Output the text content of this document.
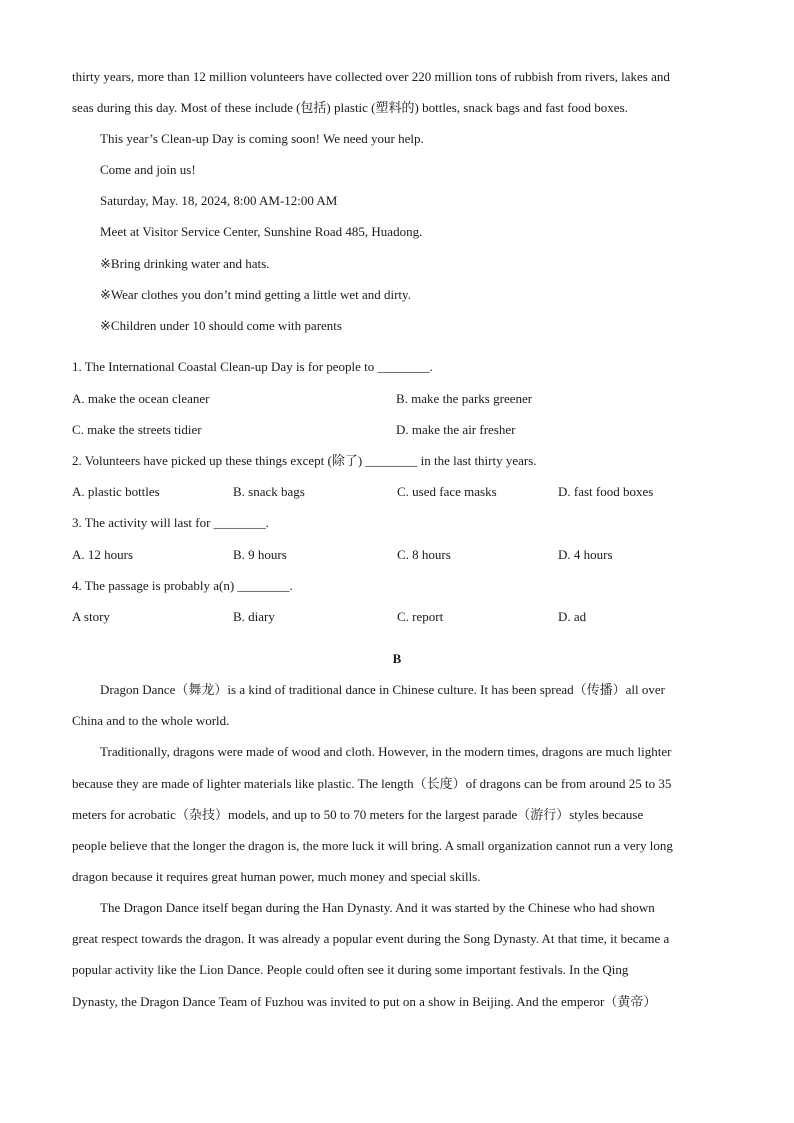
thirty years, more than 12 million volunteers have collected over 220 million tons of rubbish from rivers, lakes and
seas during this day. Most of these include (包括) plastic (塑料的) bottles, snack bags and fast food boxes.
This year’s Clean-up Day is coming soon! We need your help.
Come and join us!
Saturday, May. 18, 2024, 8:00 AM-12:00 AM
Meet at Visitor Service Center, Sunshine Road 485, Huadong.
※Bring drinking water and hats.
※Wear clothes you don’t mind getting a little wet and dirty.
※Children under 10 should come with parents
1. The International Coastal Clean-up Day is for people to ________.
A. make the ocean cleaner	B. make the parks greener
C. make the streets tidier	D. make the air fresher
2. Volunteers have picked up these things except (除了) ________ in the last thirty years.
A. plastic bottles	B. snack bags	C. used face masks	D. fast food boxes
3. The activity will last for ________.
A. 12 hours	B. 9 hours	C. 8 hours	D. 4 hours
4. The passage is probably a(n) ________.
A story	B. diary	C. report	D. ad
B
Dragon Dance（舞龙）is a kind of traditional dance in Chinese culture. It has been spread（传播）all over
China and to the whole world.
Traditionally, dragons were made of wood and cloth. However, in the modern times, dragons are much lighter
because they are made of lighter materials like plastic. The length（长度）of dragons can be from around 25 to 35
meters for acrobatic（杂技）models, and up to 50 to 70 meters for the largest parade（游行）styles because
people believe that the longer the dragon is, the more luck it will bring. A small organization cannot run a very long
dragon because it requires great human power, much money and special skills.
The Dragon Dance itself began during the Han Dynasty. And it was started by the Chinese who had shown
great respect towards the dragon. It was already a popular event during the Song Dynasty. At that time, it became a
popular activity like the Lion Dance. People could often see it during some important festivals. In the Qing
Dynasty, the Dragon Dance Team of Fuzhou was invited to put on a show in Beijing. And the emperor（黄帝）
